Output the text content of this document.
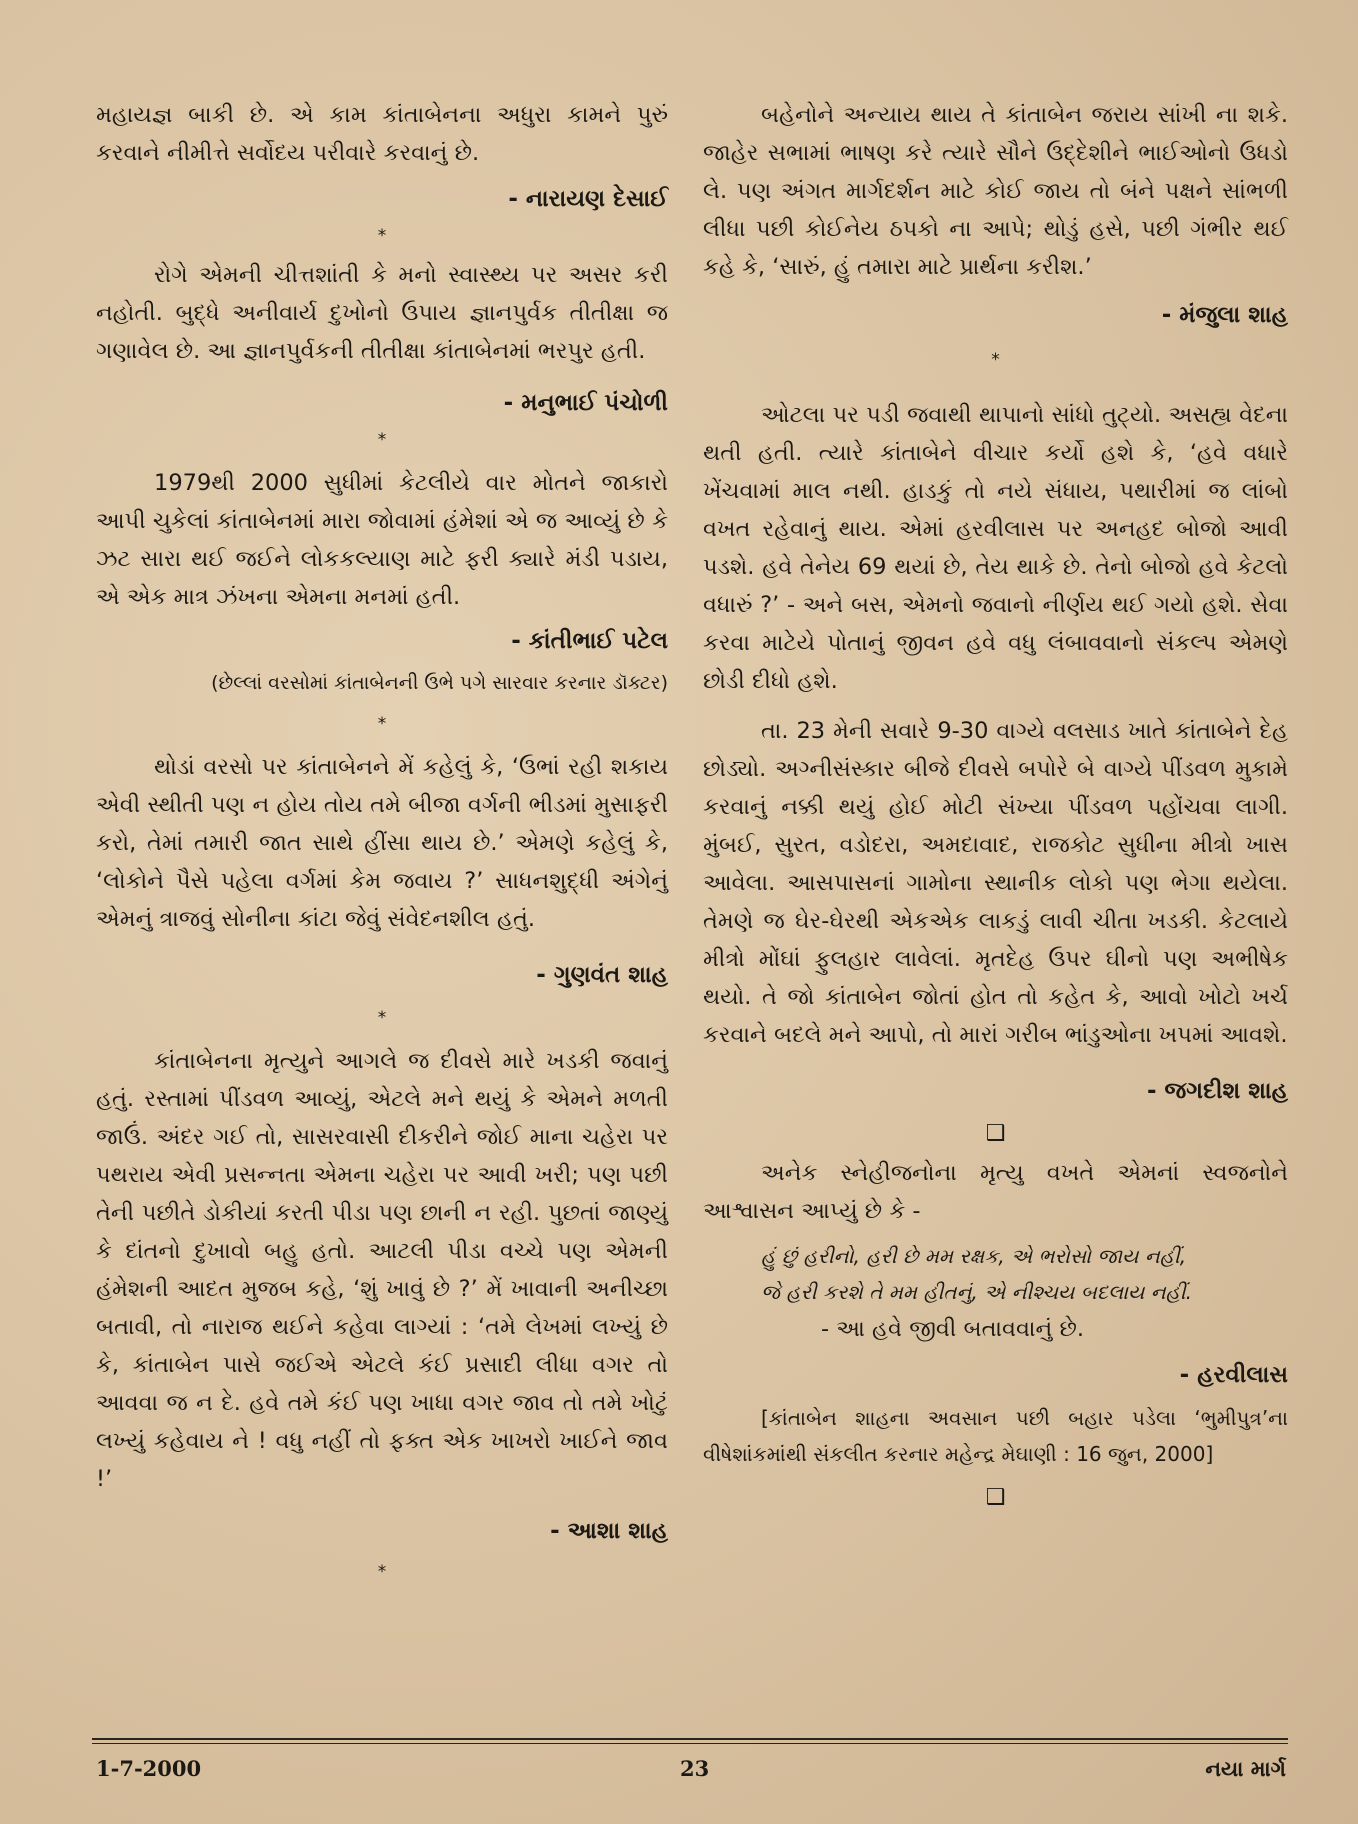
મહાયજ્ઞ બાકી છે. એ કામ કાંતાબેનના અધુરા કામને પુરું કરવાને નીમીત્તે સર્વોદય પરીવારે કરવાનું છે.

- નારાયણ દેસાઈ
*

રોગે એમની ચીત્તશાંતી કે મનો સ્વાસ્થ્ય પર અસર કરી નહોતી. બુદ્ધે અનીવાર્ય દુખોનો ઉપાય જ્ઞાનપુર્વક તીતીક્ષા જ ગણાવેલ છે. આ જ્ઞાનપુર્વકની તીતીક્ષા કાંતાબેનમાં ભરપુર હતી.

- મનુભાઈ પંચોળી
*

1979થી 2000 સુધીમાં કેટલીયે વાર મોતને જાકારો આપી ચુકેલાં કાંતાબેનમાં મારા જોવામાં હંમેશાં એ જ આવ્યું છે કે ઝટ સારા થઈ જઈને લોકકલ્યાણ માટે ફરી ક્યારે મંડી પડાય, એ એક માત્ર ઝંખના એમના મનમાં હતી.

- કાંતીભાઈ પટેલ
(છેલ્લાં વરસોમાં કાંતાબેનની ઉભે પગે સારવાર કરનાર ડૉક્ટર)
*

થોડાં વરસો પર કાંતાબેનને મેં કહેલું કે, ‘ઉભાં રહી શકાય એવી સ્થીતી પણ ન હોય તોય તમે બીજા વર્ગની ભીડમાં મુસાફરી કરો, તેમાં તમારી જાત સાથે હીંસા થાય છે.’ એમણે કહેલું કે, ‘લોકોને પૈસે પહેલા વર્ગમાં કેમ જવાય ?’ સાધનશુદ્ધી અંગેનું એમનું ત્રાજવું સોનીના કાંટા જેવું સંવેદનશીલ હતું.

- ગુણવંત શાહ
*

કાંતાબેનના મૃત્યુને આગલે જ દીવસે મારે ખડકી જવાનું હતું. રસ્તામાં પીંડવળ આવ્યું, એટલે મને થયું કે એમને મળતી જાઉં. અંદર ગઈ તો, સાસરવાસી દીકરીને જોઈ માના ચહેરા પર પથરાય એવી પ્રસન્નતા એમના ચહેરા પર આવી ખરી; પણ પછી તેની પછીતે ડોકીયાં કરતી પીડા પણ છાની ન રહી. પુછતાં જાણ્યું કે દાંતનો દુખાવો બહુ હતો. આટલી પીડા વચ્ચે પણ એમની હંમેશની આદત મુજબ કહે, ‘શું ખાવું છે ?’ મેં ખાવાની અનીચ્છા બતાવી, તો નારાજ થઈને કહેવા લાગ્યાં : ‘તમે લેખમાં લખ્યું છે કે, કાંતાબેન પાસે જઈએ એટલે કંઈ પ્રસાદી લીધા વગર તો આવવા જ ન દે. હવે તમે કંઈ પણ ખાધા વગર જાવ તો તમે ખોટું લખ્યું કહેવાય ને ! વધુ નહીં તો ફક્ત એક ખાખરો ખાઈને જાવ !’

- આશા શાહ
*

બહેનોને અન્યાય થાય તે કાંતાબેન જરાય સાંખી ના શકે. જાહેર સભામાં ભાષણ કરે ત્યારે સૌને ઉદ્દેશીને ભાઈઓનો ઉધડો લે. પણ અંગત માર્ગદર્શન માટે કોઈ જાય તો બંને પક્ષને સાંભળી લીધા પછી કોઈનેય ઠપકો ના આપે; થોડું હસે, પછી ગંભીર થઈ કહે કે, ‘સારું, હું તમારા માટે પ્રાર્થના કરીશ.’

- મંજુલા શાહ
*

ઓટલા પર પડી જવાથી થાપાનો સાંધો તુટ્યો. અસહ્ય વેદના થતી હતી. ત્યારે કાંતાબેને વીચાર કર્યો હશે કે, ‘હવે વધારે ખેંચવામાં માલ નથી. હાડકું તો નયે સંધાય, પથારીમાં જ લાંબો વખત રહેવાનું થાય. એમાં હરવીલાસ પર અનહદ બોજો આવી પડશે. હવે તેનેય 69 થયાં છે, તેય થાકે છે. તેનો બોજો હવે કેટલો વધારું ?’ - અને બસ, એમનો જવાનો નીર્ણય થઈ ગયો હશે. સેવા કરવા માટેયે પોતાનું જીવન હવે વધુ લંબાવવાનો સંકલ્પ એમણે છોડી દીધો હશે.

તા. 23 મેની સવારે 9-30 વાગ્યે વલસાડ ખાતે કાંતાબેને દેહ છોડ્યો. અગ્નીસંસ્કાર બીજે દીવસે બપોરે બે વાગ્યે પીંડવળ મુકામે કરવાનું નક્કી થયું હોઈ મોટી સંખ્યા પીંડવળ પહોંચવા લાગી. મુંબઈ, સુરત, વડોદરા, અમદાવાદ, રાજકોટ સુધીના મીત્રો ખાસ આવેલા. આસપાસનાં ગામોના સ્થાનીક લોકો પણ ભેગા થયેલા. તેમણે જ ઘેર-ઘેરથી એકએક લાકડું લાવી ચીતા ખડકી. કેટલાયે મીત્રો મોંઘાં ફુલહાર લાવેલાં. મૃતદેહ ઉપર ઘીનો પણ અભીષેક થયો. તે જો કાંતાબેન જોતાં હોત તો કહેત કે, આવો ખોટો ખર્ચ કરવાને બદલે મને આપો, તો મારાં ગરીબ ભાંડુઓના ખપમાં આવશે.

- જગદીશ શાહ
❑

અનેક સ્નેહીજનોના મૃત્યુ વખતે એમનાં સ્વજનોને આશ્વાસન આપ્યું છે કે -

હું છું હરીનો, હરી છે મમ રક્ષક, એ ભરોસો જાય નહીં,

જે હરી કરશે તે મમ હીતનું, એ નીશ્ચય બદલાય નહીં.

- આ હવે જીવી બતાવવાનું છે.

- હરવીલાસ

[કાંતાબેન શાહના અવસાન પછી બહાર પડેલા ‘ભુમીપુત્ર’ના વીષેશાંકમાંથી સંકલીત કરનાર મહેન્દ્ર મેઘાણી : 16 જુન, 2000]

❑
1-7-2000	23	નયા માર્ગ
